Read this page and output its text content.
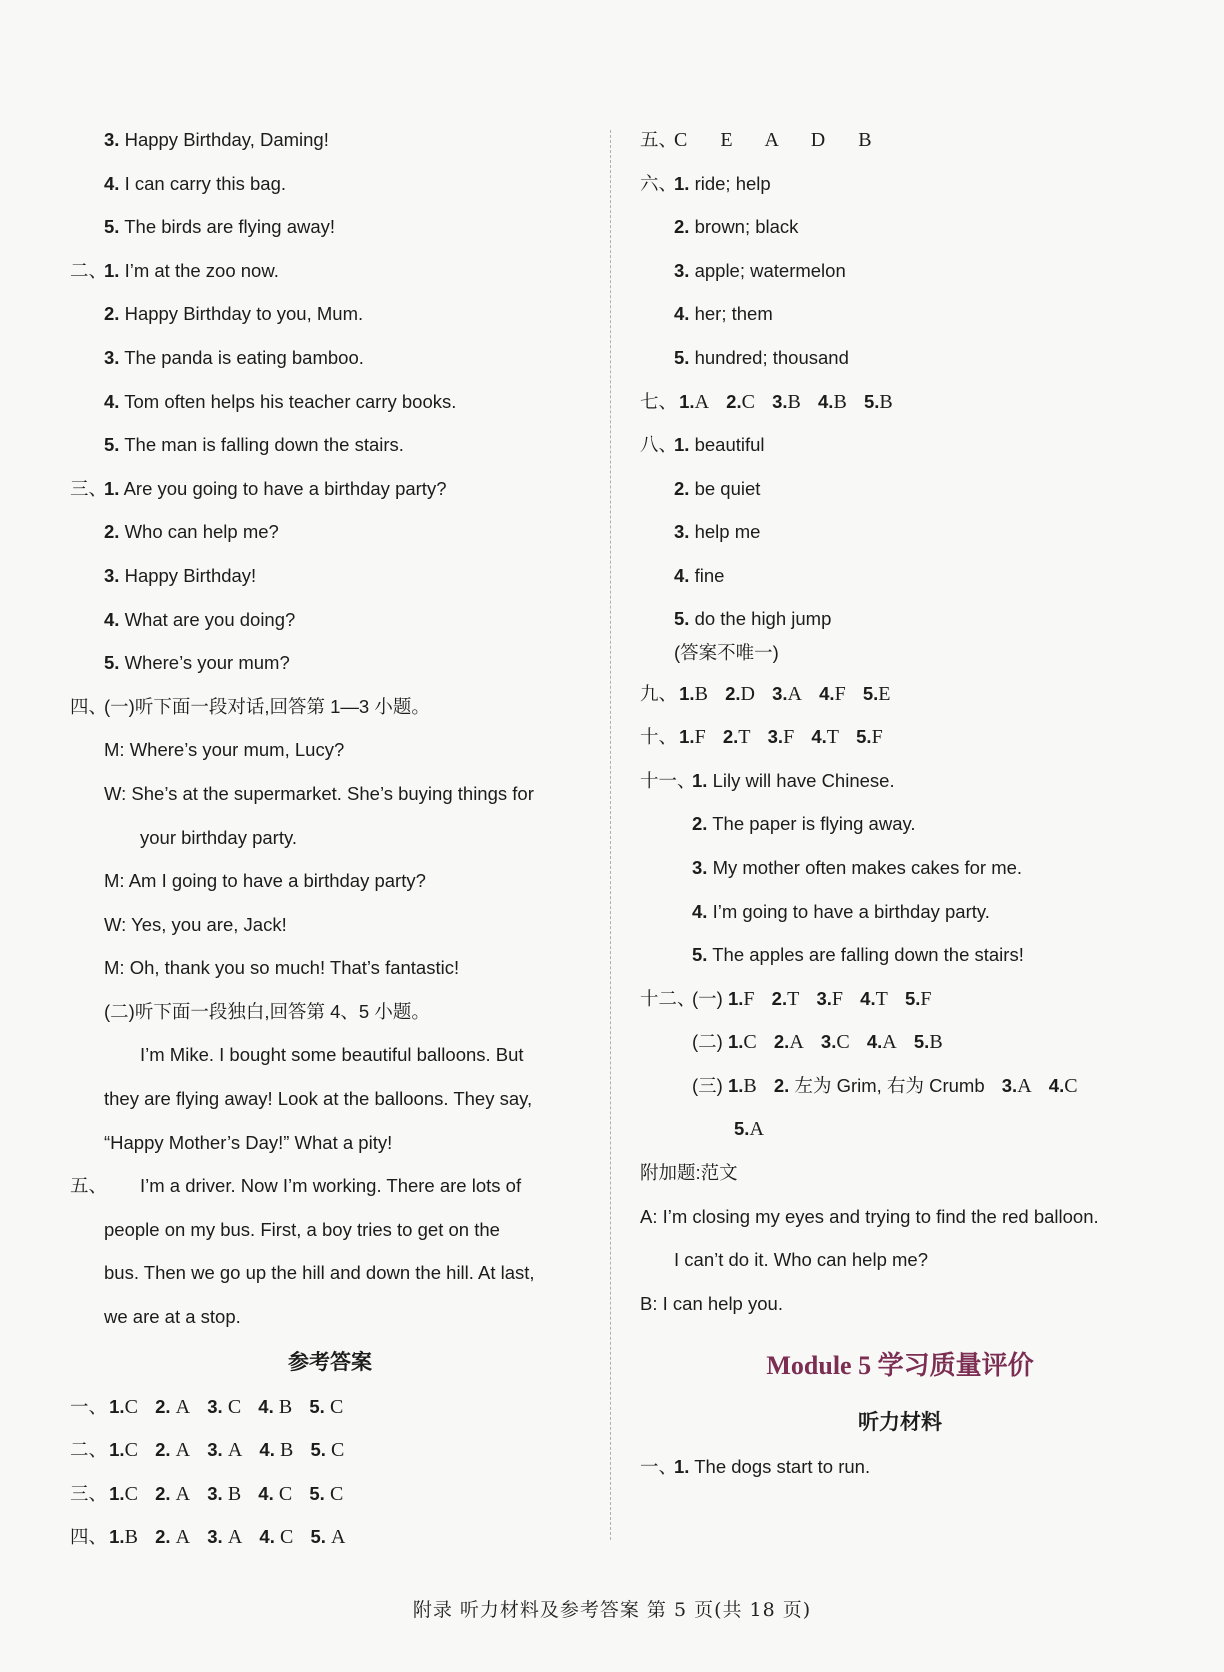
3. Happy Birthday, Daming!
4. I can carry this bag.
5. The birds are flying away!
二、1. I’m at the zoo now.
2. Happy Birthday to you, Mum.
3. The panda is eating bamboo.
4. Tom often helps his teacher carry books.
5. The man is falling down the stairs.
三、1. Are you going to have a birthday party?
2. Who can help me?
3. Happy Birthday!
4. What are you doing?
5. Where’s your mum?
四、(一)听下面一段对话,回答第 1—3 小题。
M: Where’s your mum, Lucy?
W: She’s at the supermarket. She’s buying things for
your birthday party.
M: Am I going to have a birthday party?
W: Yes, you are, Jack!
M: Oh, thank you so much! That’s fantastic!
(二)听下面一段独白,回答第 4、5 小题。
I’m Mike. I bought some beautiful balloons. But
they are flying away! Look at the balloons. They say,
“Happy Mother’s Day!” What a pity!
五、 I’m a driver. Now I’m working. There are lots of
people on my bus. First, a boy tries to get on the
bus. Then we go up the hill and down the hill. At last,
we are at a stop.
参考答案
一、 1.C 2. A 3. C 4. B 5. C
二、 1.C 2. A 3. A 4. B 5. C
三、 1.C 2. A 3. B 4. C 5. C
四、 1.B 2. A 3. A 4. C 5. A
五、C E A D B
六、1. ride; help
2. brown; black
3. apple; watermelon
4. her; them
5. hundred; thousand
七、 1.A 2.C 3.B 4.B 5.B
八、1. beautiful
2. be quiet
3. help me
4. fine
5. do the high jump
(答案不唯一)
九、 1.B 2.D 3.A 4.F 5.E
十、 1.F 2.T 3.F 4.T 5.F
十一、1. Lily will have Chinese.
2. The paper is flying away.
3. My mother often makes cakes for me.
4. I’m going to have a birthday party.
5. The apples are falling down the stairs!
十二、(一) 1.F 2.T 3.F 4.T 5.F
(二) 1.C 2.A 3.C 4.A 5.B
(三) 1.B 2. 左为 Grim, 右为 Crumb 3.A 4.C
5.A
附加题:范文
A: I’m closing my eyes and trying to find the red balloon.
I can’t do it. Who can help me?
B: I can help you.
Module 5 学习质量评价
听力材料
一、1. The dogs start to run.
附录 听力材料及参考答案 第 5 页(共 18 页)
